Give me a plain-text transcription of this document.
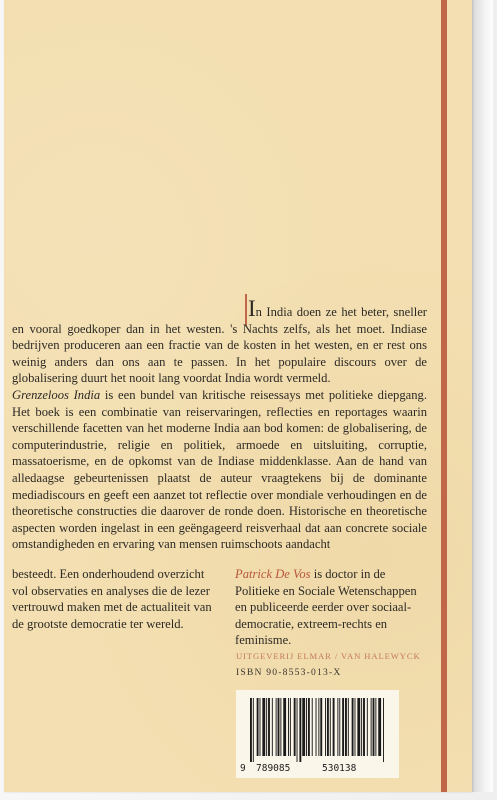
In India doen ze het beter, sneller en vooral goedkoper dan in het westen. 's Nachts zelfs, als het moet. Indiase bedrijven produceren aan een fractie van de kosten in het westen, en er rest ons weinig anders dan ons aan te passen. In het populaire discours over de globalisering duurt het nooit lang voordat India wordt vermeld.

Grenzeloos India is een bundel van kritische reisessays met politieke diepgang. Het boek is een combinatie van reiservaringen, reflecties en reportages waarin verschillende facetten van het moderne India aan bod komen: de globalisering, de computerindustrie, religie en politiek, armoede en uitsluiting, corruptie, massatoerisme, en de opkomst van de Indiase middenklasse. Aan de hand van alledaagse gebeurtenissen plaatst de auteur vraagtekens bij de dominante mediadiscours en geeft een aanzet tot reflectie over mondiale verhoudingen en de theoretische constructies die daarover de ronde doen. Historische en theoretische aspecten worden ingelast in een geëngageerd reisverhaal dat aan concrete sociale omstandigheden en ervaring van mensen ruimschoots aandacht

besteedt. Een onderhoudend overzicht vol observaties en analyses die de lezer vertrouwd maken met de actualiteit van de grootste democratie ter wereld.
Patrick De Vos is doctor in de Politieke en Sociale Wetenschappen en publiceerde eerder over sociaal-democratie, extreem-rechts en feminisme.
UITGEVERIJ ELMAR / VAN HALEWYCK
ISBN 90-8553-013-X
9 789085	530138
